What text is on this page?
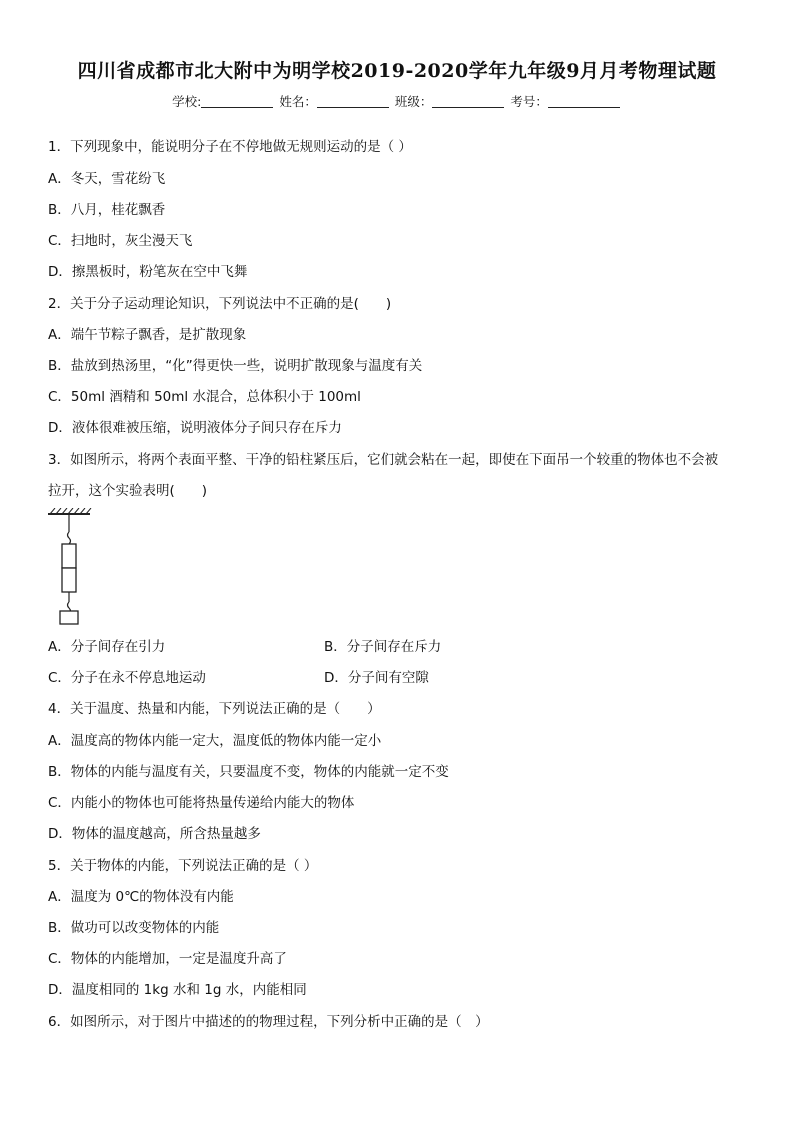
四川省成都市北大附中为明学校2019-2020学年九年级9月月考物理试题
学校:	姓名：	班级：	考号：
1．下列现象中，能说明分子在不停地做无规则运动的是（ ）
A．冬天，雪花纷飞
B．八月，桂花飘香
C．扫地时，灰尘漫天飞
D．擦黑板时，粉笔灰在空中飞舞
2．关于分子运动理论知识，下列说法中不正确的是(　　)
A．端午节粽子飘香，是扩散现象
B．盐放到热汤里，“化”得更快一些，说明扩散现象与温度有关
C．50ml 酒精和 50ml 水混合，总体积小于 100ml
D．液体很难被压缩，说明液体分子间只存在斥力
3．如图所示，将两个表面平整、干净的铅柱紧压后，它们就会粘在一起，即使在下面吊一个较重的物体也不会被
拉开，这个实验表明(　　)
A．分子间存在引力	B．分子间存在斥力
C．分子在永不停息地运动	D．分子间有空隙
4．关于温度、热量和内能，下列说法正确的是（　　）
A．温度高的物体内能一定大，温度低的物体内能一定小
B．物体的内能与温度有关，只要温度不变，物体的内能就一定不变
C．内能小的物体也可能将热量传递给内能大的物体
D．物体的温度越高，所含热量越多
5．关于物体的内能，下列说法正确的是（ ）
A．温度为 0℃的物体没有内能
B．做功可以改变物体的内能
C．物体的内能增加，一定是温度升高了
D．温度相同的 1kg 水和 1g 水，内能相同
6．如图所示，对于图片中描述的的物理过程，下列分析中正确的是（　）
